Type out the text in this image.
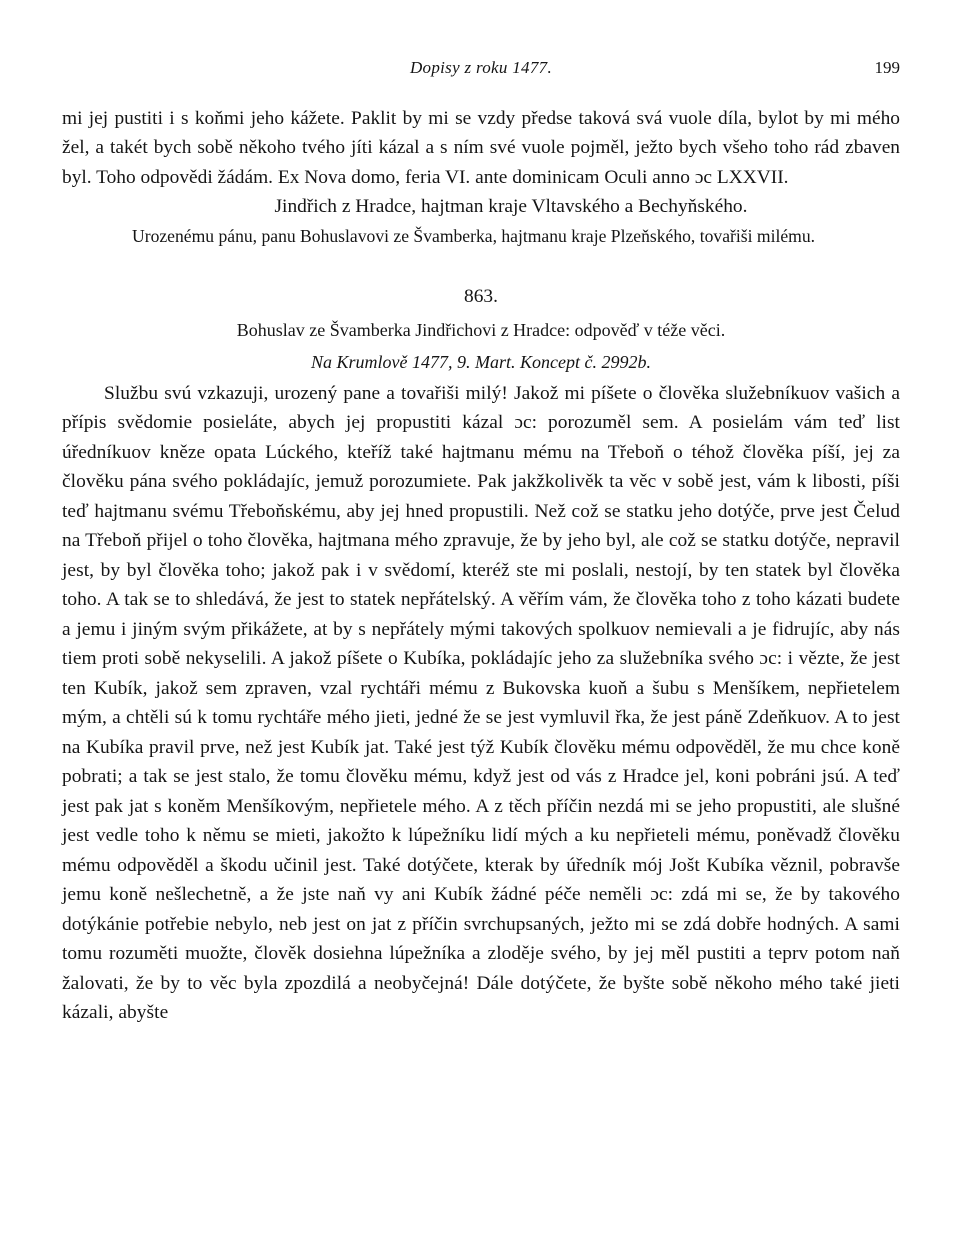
Dopisy z roku 1477.	199

mi jej pustiti i s koňmi jeho kážete. Paklit by mi se vzdy předse taková svá vuole díla, bylot by mi mého žel, a takét bych sobě někoho tvého jíti kázal a s ním své vuole pojměl, ježto bych všeho toho rád zbaven byl. Toho odpovědi žádám. Ex Nova domo, feria VI. ante dominicam Oculi anno ɔc LXXVII.

Jindřich z Hradce, hajtman kraje Vltavského a Bechyňského.

Urozenému pánu, panu Bohuslavovi ze Švamberka, hajtmanu kraje Plzeňského, tovařiši milému.

863.
Bohuslav ze Švamberka Jindřichovi z Hradce: odpověď v téže věci.
Na Krumlově 1477, 9. Mart. Koncept č. 2992b.

Službu svú vzkazuji, urozený pane a tovařiši milý! Jakož mi píšete o člověka služebníkuov vašich a přípis svědomie posieláte, abych jej propustiti kázal ɔc: porozuměl sem. A posielám vám teď list úředníkuov kněze opata Lúckého, kteříž také hajtmanu mému na Třeboň o téhož člověka píší, jej za člověku pána svého pokládajíc, jemuž porozumiete. Pak jakžkolivěk ta věc v sobě jest, vám k libosti, píši teď hajtmanu svému Třeboňskému, aby jej hned propustili. Než což se statku jeho dotýče, prve jest Čelud na Třeboň přijel o toho člověka, hajtmana mého zpravuje, že by jeho byl, ale což se statku dotýče, nepravil jest, by byl člověka toho; jakož pak i v svědomí, kteréž ste mi poslali, nestojí, by ten statek byl člověka toho. A tak se to shledává, že jest to statek nepřátelský. A věřím vám, že člověka toho z toho kázati budete a jemu i jiným svým přikážete, at by s nepřátely mými takových spolkuov nemievali a je fidrujíc, aby nás tiem proti sobě nekyselili. A jakož píšete o Kubíka, pokládajíc jeho za služebníka svého ɔc: i vězte, že jest ten Kubík, jakož sem zpraven, vzal rychtáři mému z Bukovska kuoň a šubu s Menšíkem, nepřietelem mým, a chtěli sú k tomu rychtáře mého jieti, jedné že se jest vymluvil řka, že jest páně Zdeňkuov. A to jest na Kubíka pravil prve, než jest Kubík jat. Také jest týž Kubík člověku mému odpověděl, že mu chce koně pobrati; a tak se jest stalo, že tomu člověku mému, když jest od vás z Hradce jel, koni pobráni jsú. A teď jest pak jat s koněm Menšíkovým, nepřietele mého. A z těch příčin nezdá mi se jeho propustiti, ale slušné jest vedle toho k němu se mieti, jakožto k lúpežníku lidí mých a ku nepřieteli mému, poněvadž člověku mému odpověděl a škodu učinil jest. Také dotýčete, kterak by úředník mój Jošt Kubíka věznil, pobravše jemu koně nešlechetně, a že jste naň vy ani Kubík žádné péče neměli ɔc: zdá mi se, že by takového dotýkánie potřebie nebylo, neb jest on jat z příčin svrchupsaných, ježto mi se zdá dobře hodných. A sami tomu rozuměti muožte, člověk dosiehna lúpežníka a zloděje svého, by jej měl pustiti a teprv potom naň žalovati, že by to věc byla zpozdilá a neobyčejná! Dále dotýčete, že byšte sobě někoho mého také jieti kázali, abyšte
